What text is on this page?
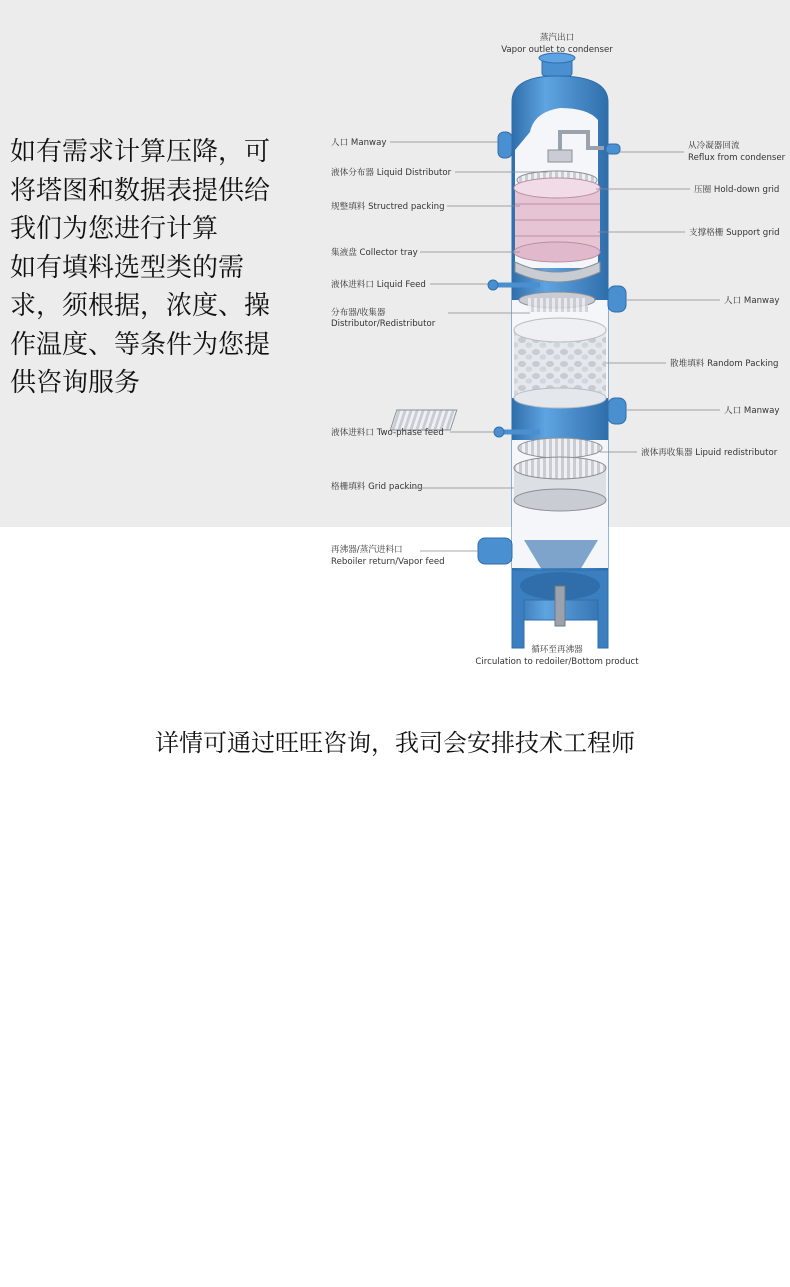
如有需求计算压降，可
将塔图和数据表提供给
我们为您进行计算
如有填料选型类的需
求，须根据，浓度、操
作温度、等条件为您提
供咨询服务
蒸汽出口
Vapor outlet to condenser
人口 Manway	从冷凝器回流
Reflux from condenser
液体分布器 Liquid Distributor
压圈 Hold-down grid
规整填料 Structred packing
支撑格栅 Support grid
集液盘 Collector tray
液体进料口 Liquid Feed
人口 Manway
分布器/收集器
Distributor/Redistributor
散堆填料 Random Packing
人口 Manway
液体进料口 Two-phase feed
液体再收集器 Lipuid redistributor
格栅填料 Grid packing
再沸器/蒸汽进料口
Reboiler return/Vapor feed
循环至再沸器
Circulation to redoiler/Bottom product
详情可通过旺旺咨询，我司会安排技术工程师
